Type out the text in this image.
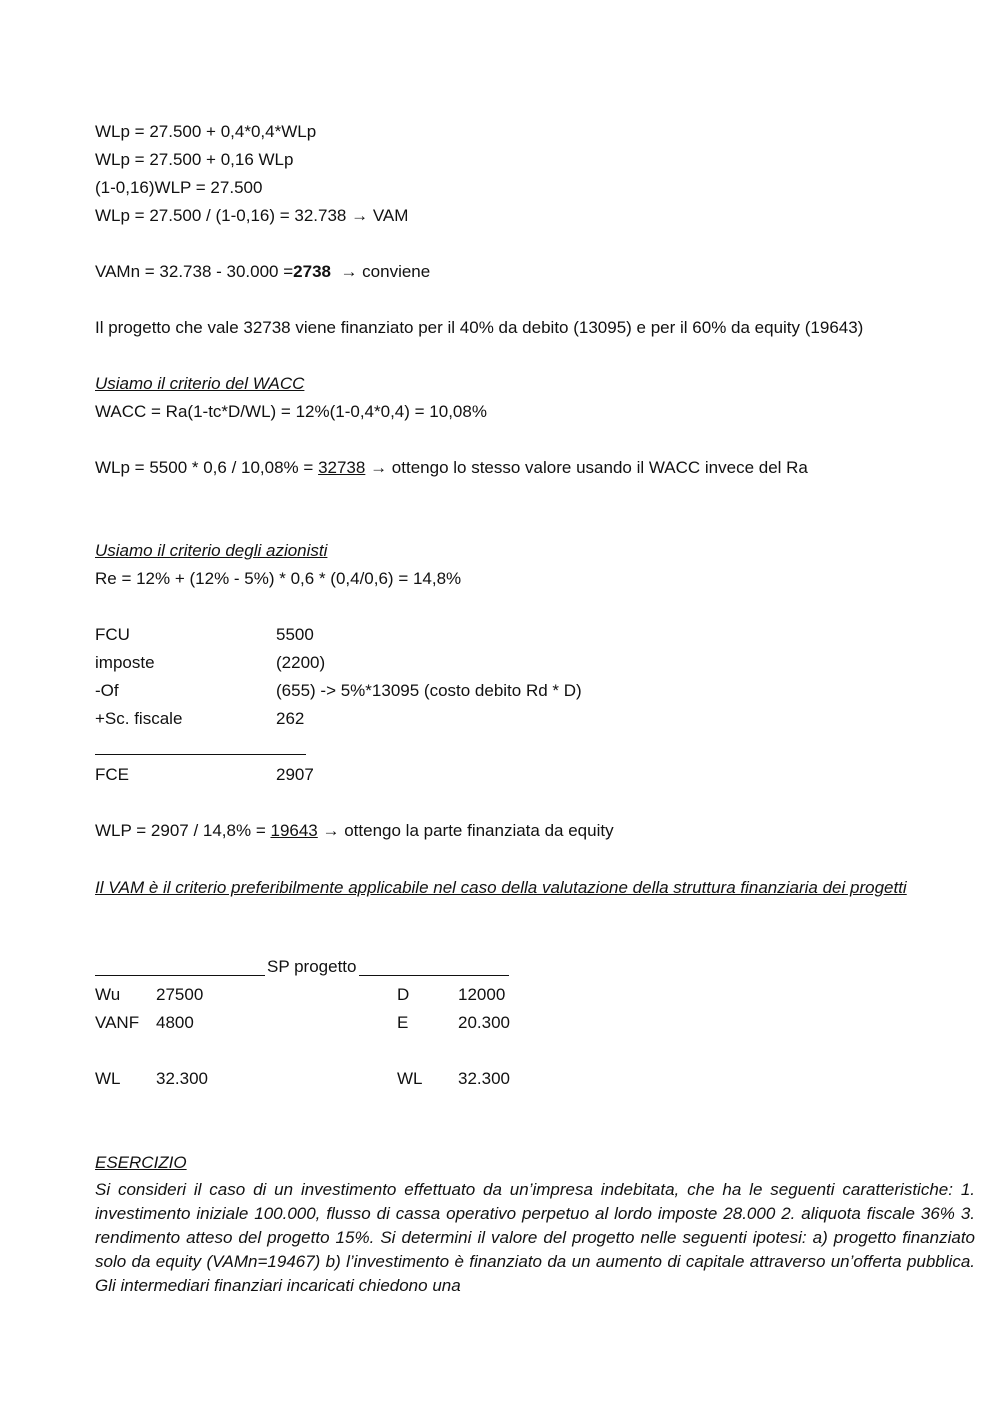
WLp = 27.500 + 0,4*0,4*WLp
WLp = 27.500 + 0,16 WLp
(1-0,16)WLP = 27.500
WLp = 27.500 / (1-0,16) = 32.738 → VAM
VAMn = 32.738 - 30.000 =2738 → conviene
Il progetto che vale 32738 viene finanziato per il 40% da debito (13095) e per il 60% da equity (19643)
Usiamo il criterio del WACC
WACC = Ra(1-tc*D/WL) = 12%(1-0,4*0,4) = 10,08%
WLp = 5500 * 0,6 / 10,08% = 32738 → ottengo lo stesso valore usando il WACC invece del Ra
Usiamo il criterio degli azionisti
Re = 12% + (12% - 5%) * 0,6 * (0,4/0,6) = 14,8%
FCU	5500
imposte	(2200)
-Of	(655) -> 5%*13095 (costo debito Rd * D)
+Sc. fiscale	262
FCE	2907
WLP = 2907 / 14,8% = 19643 → ottengo la parte finanziata da equity
Il VAM è il criterio preferibilmente applicabile nel caso della valutazione della struttura finanziaria dei progetti
SP progetto
Wu 27500	D	12000
VANF 4800	E	20.300
WL 32.300	WL 32.300
ESERCIZIO
Si consideri il caso di un investimento effettuato da un’impresa indebitata, che ha le seguenti caratteristiche: 1. investimento iniziale 100.000, flusso di cassa operativo perpetuo al lordo imposte 28.000 2. aliquota fiscale 36% 3. rendimento atteso del progetto 15%. Si determini il valore del progetto nelle seguenti ipotesi: a) progetto finanziato solo da equity (VAMn=19467) b) l’investimento è finanziato da un aumento di capitale attraverso un’offerta pubblica. Gli intermediari finanziari incaricati chiedono una
